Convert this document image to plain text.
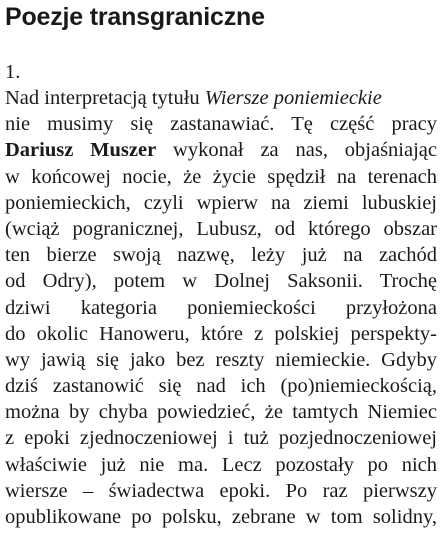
Poezje transgraniczne
1.
Nad interpretacją tytułu Wiersze poniemieckie
nie musimy się zastanawiać. Tę część pracy
Dariusz Muszer wykonał za nas, objaśniając
w końcowej nocie, że życie spędził na terenach
poniemieckich, czyli wpierw na ziemi lubuskiej
(wciąż pogranicznej, Lubusz, od którego obszar
ten bierze swoją nazwę, leży już na zachód
od Odry), potem w Dolnej Saksonii. Trochę
dziwi kategoria poniemieckości przyłożona
do okolic Hanoweru, które z polskiej perspekty-
wy jawią się jako bez reszty niemieckie. Gdyby
dziś zastanowić się nad ich (po)niemieckością,
można by chyba powiedzieć, że tamtych Niemiec
z epoki zjednoczeniowej i tuż pozjednoczeniowej
właściwie już nie ma. Lecz pozostały po nich
wiersze – świadectwa epoki. Po raz pierwszy
opublikowane po polsku, zebrane w tom solidny,
